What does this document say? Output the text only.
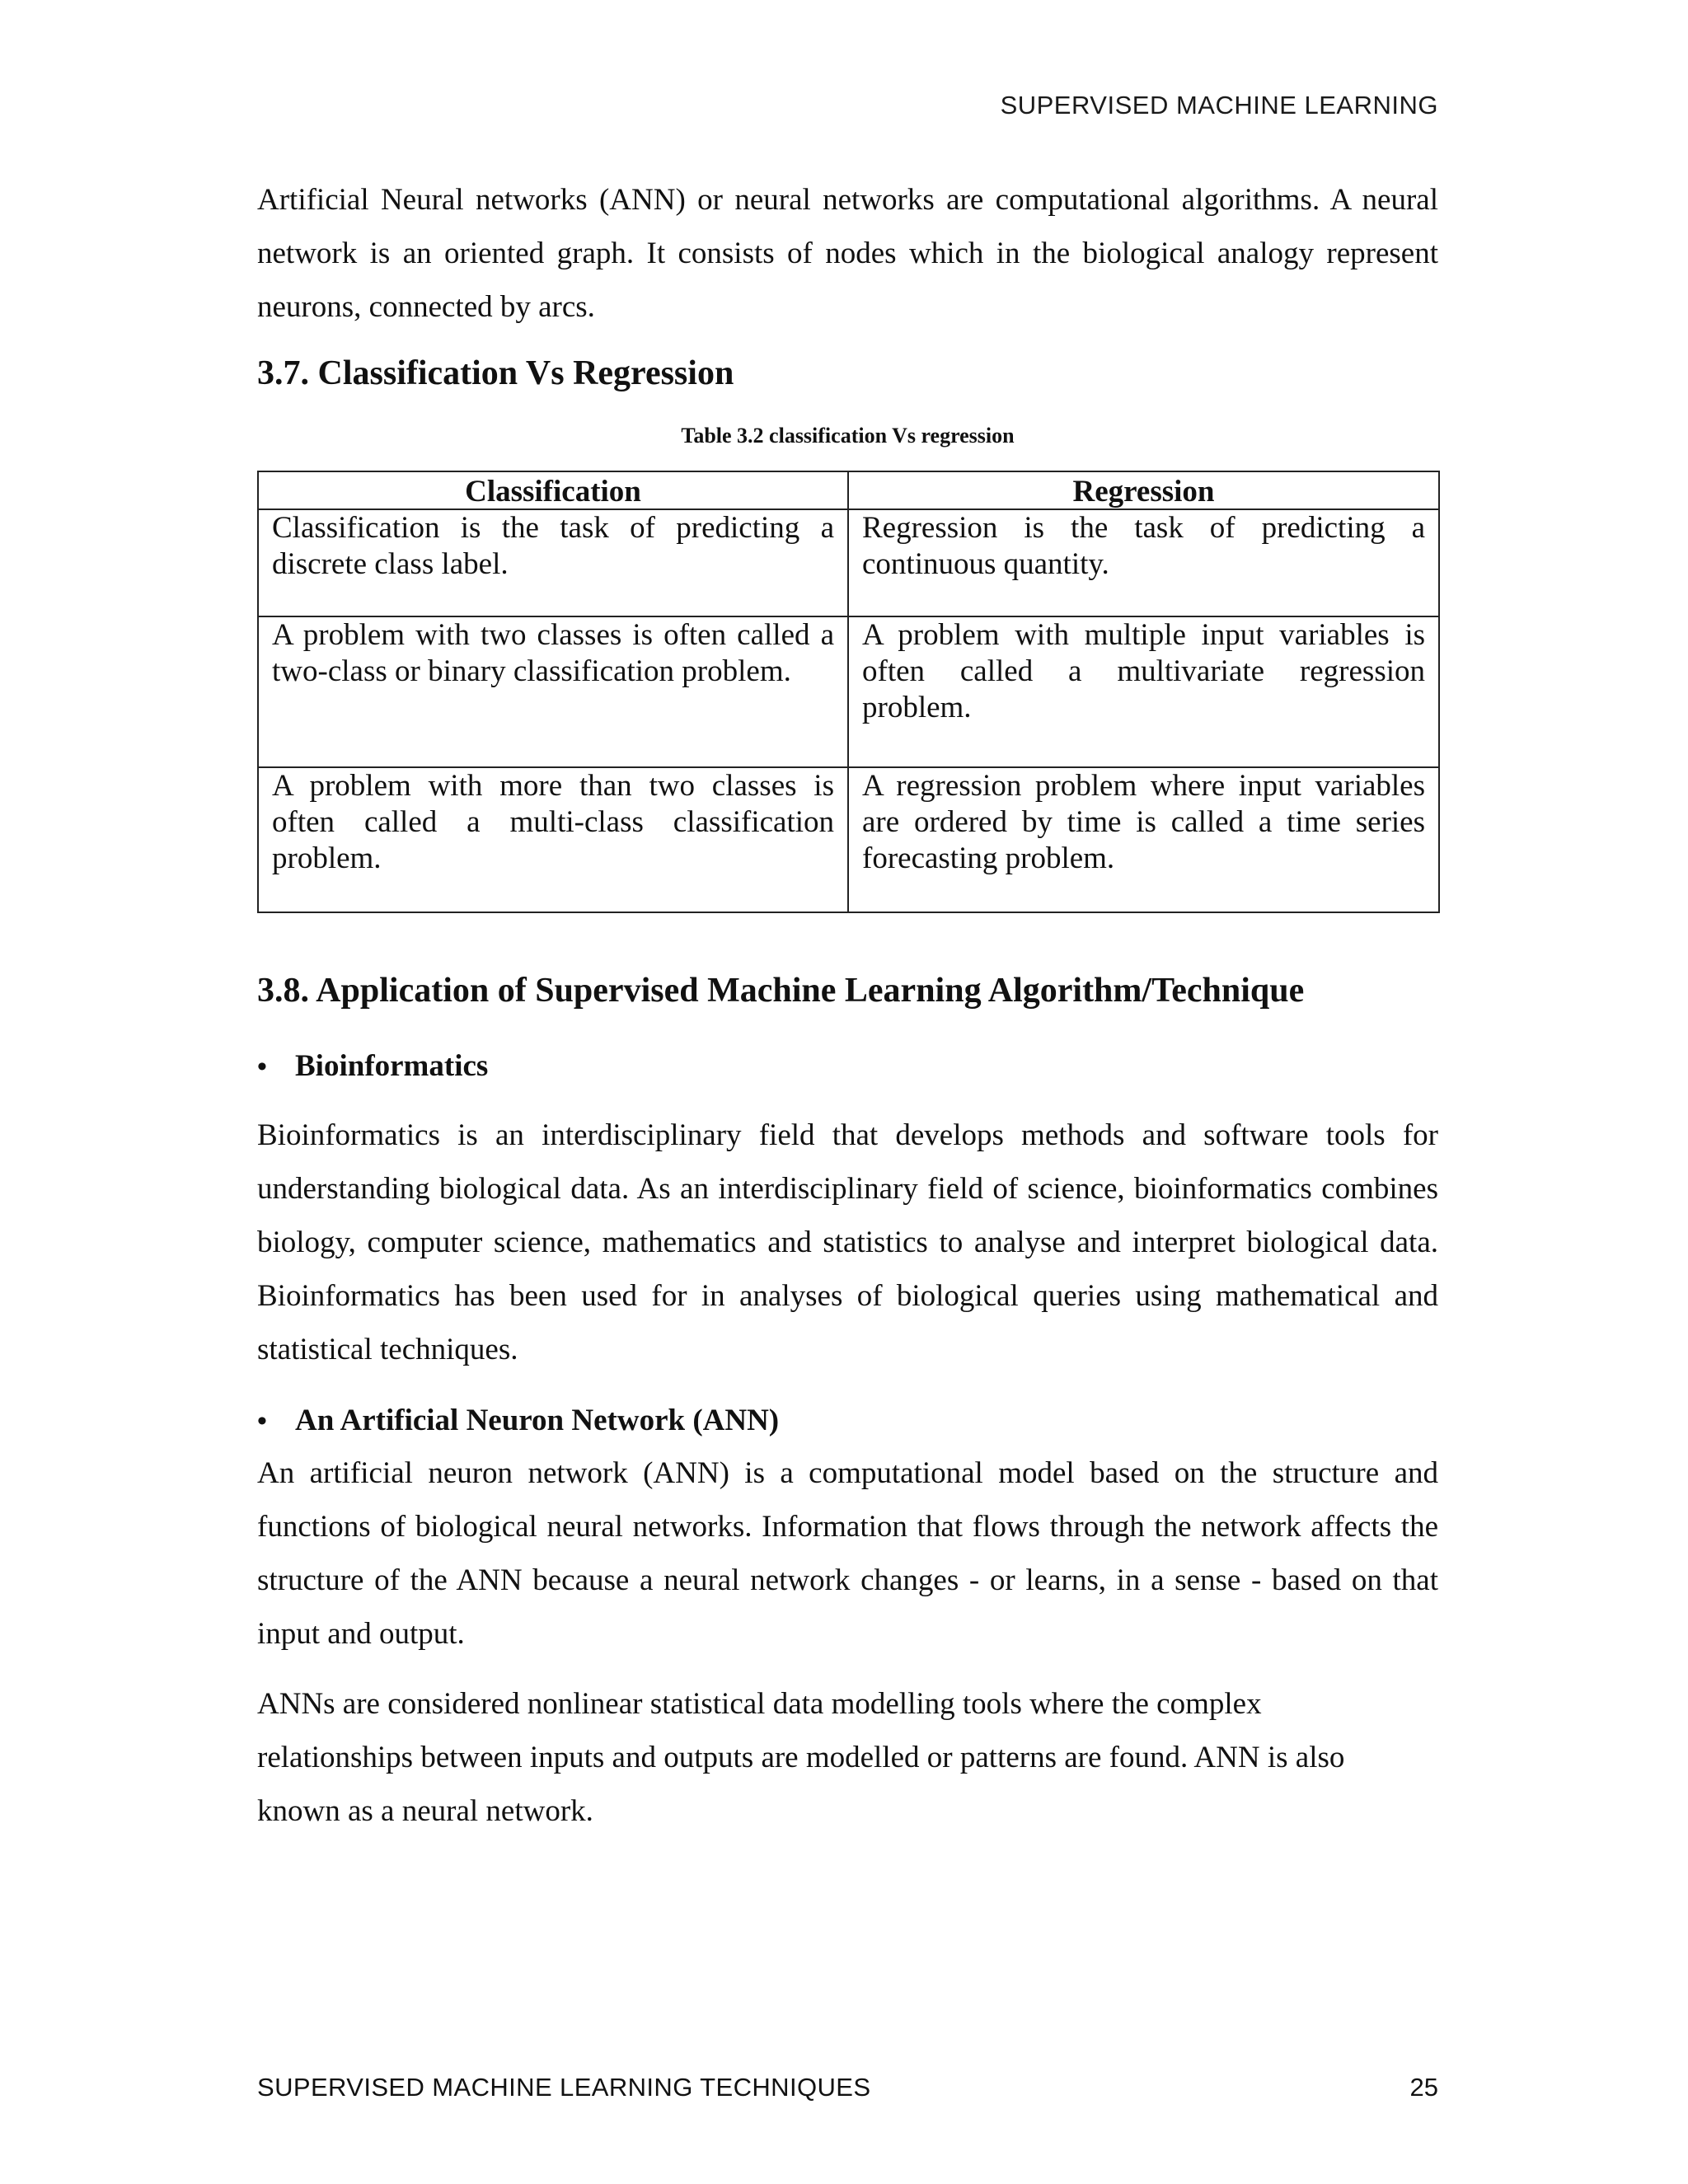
SUPERVISED MACHINE LEARNING

Artificial Neural networks (ANN) or neural networks are computational algorithms. A neural network is an oriented graph. It consists of nodes which in the biological analogy represent neurons, connected by arcs.

3.7. Classification Vs Regression

Table 3.2 classification Vs regression

Classification	Regression
Classification is the task of predicting a discrete class label.	Regression is the task of predicting a continuous quantity.
A problem with two classes is often called a two-class or binary classification problem.	A problem with multiple input variables is often called a multivariate regression problem.
A problem with more than two classes is often called a multi-class classification problem.	A regression problem where input variables are ordered by time is called a time series forecasting problem.
3.8. Application of Supervised Machine Learning Algorithm/Technique
• Bioinformatics

Bioinformatics is an interdisciplinary field that develops methods and software tools for understanding biological data. As an interdisciplinary field of science, bioinformatics combines biology, computer science, mathematics and statistics to analyse and interpret biological data. Bioinformatics has been used for in analyses of biological queries using mathematical and statistical techniques.

• An Artificial Neuron Network (ANN)

An artificial neuron network (ANN) is a computational model based on the structure and functions of biological neural networks. Information that flows through the network affects the structure of the ANN because a neural network changes - or learns, in a sense - based on that input and output.

ANNs are considered nonlinear statistical data modelling tools where the complex
relationships between inputs and outputs are modelled or patterns are found. ANN is also
known as a neural network.
SUPERVISED MACHINE LEARNING TECHNIQUES	25
